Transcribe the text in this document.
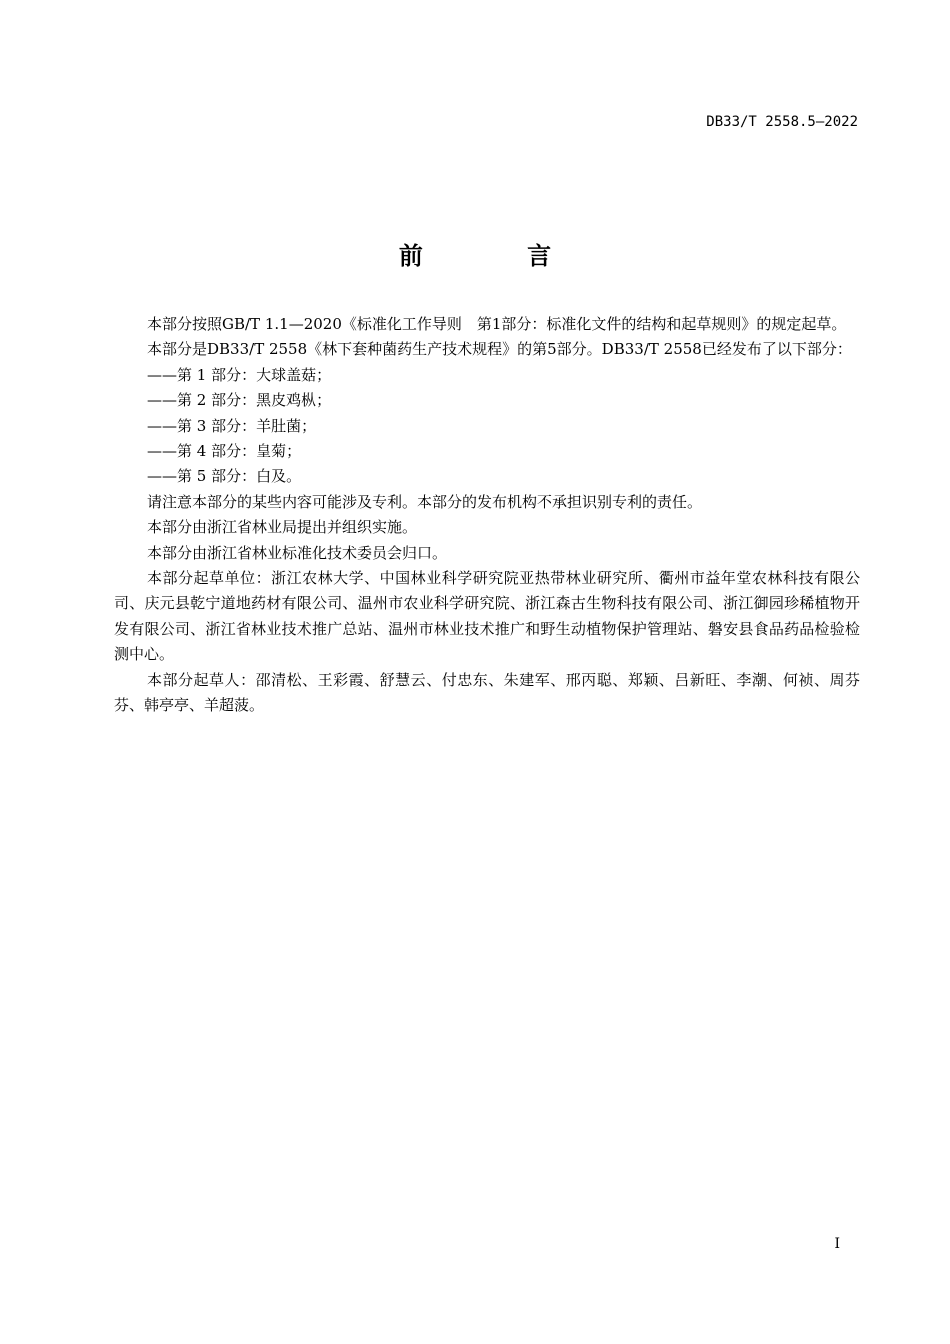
DB33/T 2558.5—2022
前 言

本部分按照GB/T 1.1—2020《标准化工作导则　第1部分：标准化文件的结构和起草规则》的规定起草。

本部分是DB33/T 2558《林下套种菌药生产技术规程》的第5部分。DB33/T 2558已经发布了以下部分：

——第 1 部分：大球盖菇；

——第 2 部分：黑皮鸡枞；

——第 3 部分：羊肚菌；

——第 4 部分：皇菊；

——第 5 部分：白及。

请注意本部分的某些内容可能涉及专利。本部分的发布机构不承担识别专利的责任。

本部分由浙江省林业局提出并组织实施。

本部分由浙江省林业标准化技术委员会归口。

本部分起草单位：浙江农林大学、中国林业科学研究院亚热带林业研究所、衢州市益年堂农林科技有限公司、庆元县乾宁道地药材有限公司、温州市农业科学研究院、浙江森古生物科技有限公司、浙江御园珍稀植物开发有限公司、浙江省林业技术推广总站、温州市林业技术推广和野生动植物保护管理站、磐安县食品药品检验检测中心。

本部分起草人：邵清松、王彩霞、舒慧云、付忠东、朱建军、邢丙聪、郑颖、吕新旺、李潮、何祯、周芬芬、韩亭亭、羊超菠。

I
